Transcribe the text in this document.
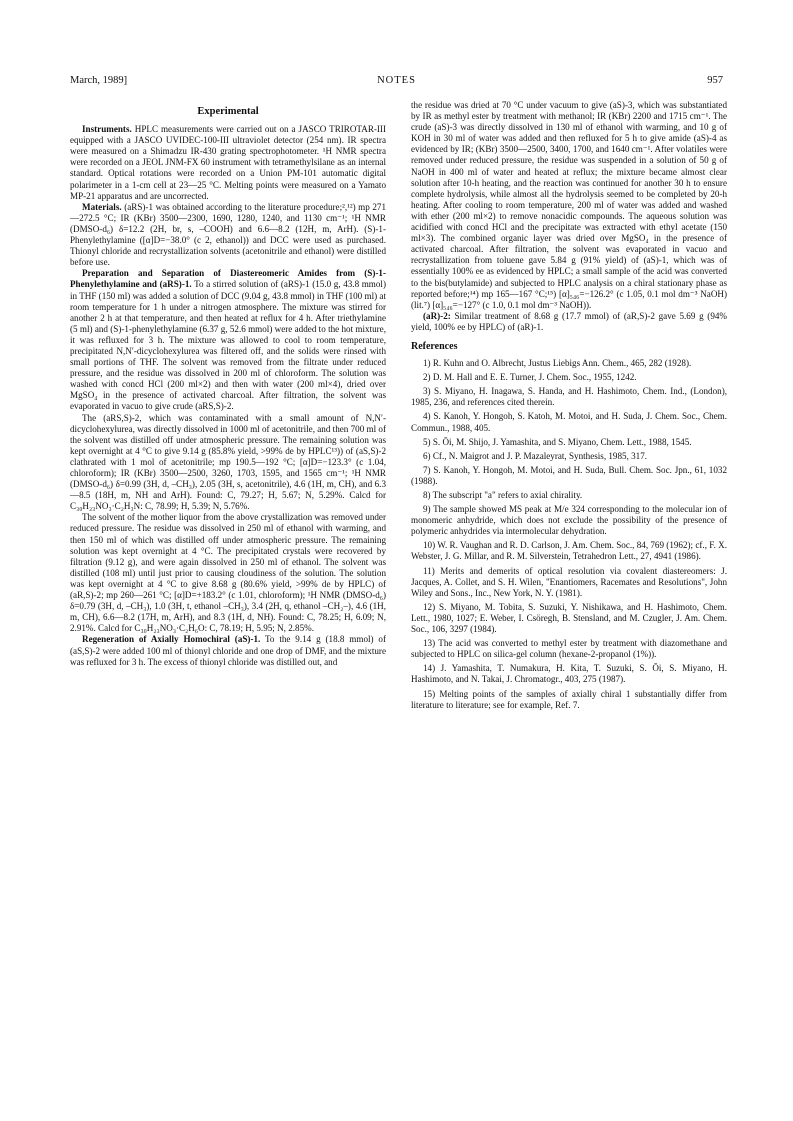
March, 1989]	NOTES	957
Experimental

Instruments. HPLC measurements were carried out on a JASCO TRIROTAR-III equipped with a JASCO UVIDEC-100-III ultraviolet detector (254 nm). IR spectra were measured on a Shimadzu IR-430 grating spectrophotometer. ¹H NMR spectra were recorded on a JEOL JNM-FX 60 instrument with tetramethylsilane as an internal standard. Optical rotations were recorded on a Union PM-101 automatic digital polarimeter in a 1-cm cell at 23—25 °C. Melting points were measured on a Yamato MP-21 apparatus and are uncorrected.

Materials. (aRS)-1 was obtained according to the literature procedure;²,¹²) mp 271—272.5 °C; IR (KBr) 3500—2300, 1690, 1280, 1240, and 1130 cm⁻¹; ¹H NMR (DMSO-d₆) δ=12.2 (2H, br, s, –COOH) and 6.6—8.2 (12H, m, ArH). (S)-1-Phenylethylamine ([α]D=−38.0° (c 2, ethanol)) and DCC were used as purchased. Thionyl chloride and recrystallization solvents (acetonitrile and ethanol) were distilled before use.

Preparation and Separation of Diastereomeric Amides from (S)-1-Phenylethylamine and (aRS)-1. To a stirred solution of (aRS)-1 (15.0 g, 43.8 mmol) in THF (150 ml) was added a solution of DCC (9.04 g, 43.8 mmol) in THF (100 ml) at room temperature for 1 h under a nitrogen atmosphere. The mixture was stirred for another 2 h at that temperature, and then heated at reflux for 4 h. After triethylamine (5 ml) and (S)-1-phenylethylamine (6.37 g, 52.6 mmol) were added to the hot mixture, it was refluxed for 3 h. The mixture was allowed to cool to room temperature, precipitated N,N′-dicyclohexylurea was filtered off, and the solids were rinsed with small portions of THF. The solvent was removed from the filtrate under reduced pressure, and the residue was dissolved in 200 ml of chloroform. The solution was washed with concd HCl (200 ml×2) and then with water (200 ml×4), dried over MgSO₄ in the presence of activated charcoal. After filtration, the solvent was evaporated in vacuo to give crude (aRS,S)-2.

The (aRS,S)-2, which was contaminated with a small amount of N,N′-dicyclohexylurea, was directly dissolved in 1000 ml of acetonitrile, and then 700 ml of the solvent was distilled off under atmospheric pressure. The remaining solution was kept overnight at 4 °C to give 9.14 g (85.8% yield, >99% de by HPLC¹³)) of (aS,S)-2 clathrated with 1 mol of acetonitrile; mp 190.5—192 °C; [α]D=−123.3° (c 1.04, chloroform); IR (KBr) 3500—2500, 3260, 1703, 1595, and 1565 cm⁻¹; ¹H NMR (DMSO-d₆) δ=0.99 (3H, d, –CH₃), 2.05 (3H, s, acetonitrile), 4.6 (1H, m, CH), and 6.3—8.5 (18H, m, NH and ArH). Found: C, 79.27; H, 5.67; N, 5.29%. Calcd for C₃₀H₂₃NO₃·C₂H₃N: C, 78.99; H, 5.39; N, 5.76%.

The solvent of the mother liquor from the above crystallization was removed under reduced pressure. The residue was dissolved in 250 ml of ethanol with warming, and then 150 ml of which was distilled off under atmospheric pressure. The remaining solution was kept overnight at 4 °C. The precipitated crystals were recovered by filtration (9.12 g), and were again dissolved in 250 ml of ethanol. The solvent was distilled (108 ml) until just prior to causing cloudiness of the solution. The solution was kept overnight at 4 °C to give 8.68 g (80.6% yield, >99% de by HPLC) of (aR,S)-2; mp 260—261 °C; [α]D=+183.2° (c 1.01, chloroform); ¹H NMR (DMSO-d₆) δ=0.79 (3H, d, –CH₃), 1.0 (3H, t, ethanol –CH₃), 3.4 (2H, q, ethanol –CH₂–), 4.6 (1H, m, CH), 6.6—8.2 (17H, m, ArH), and 8.3 (1H, d, NH). Found: C, 78.25; H, 6.09; N, 2.91%. Calcd for C₃₀H₂₃NO₃·C₂H₆O: C, 78.19; H, 5.95; N, 2.85%.

Regeneration of Axially Homochiral (aS)-1. To the 9.14 g (18.8 mmol) of (aS,S)-2 were added 100 ml of thionyl chloride and one drop of DMF, and the mixture was refluxed for 3 h. The excess of thionyl chloride was distilled out, and

the residue was dried at 70 °C under vacuum to give (aS)-3, which was substantiated by IR as methyl ester by treatment with methanol; IR (KBr) 2200 and 1715 cm⁻¹. The crude (aS)-3 was directly dissolved in 130 ml of ethanol with warming, and 10 g of KOH in 30 ml of water was added and then refluxed for 5 h to give amide (aS)-4 as evidenced by IR; (KBr) 3500—2500, 3400, 1700, and 1640 cm⁻¹. After volatiles were removed under reduced pressure, the residue was suspended in a solution of 50 g of NaOH in 400 ml of water and heated at reflux; the mixture became almost clear solution after 10-h heating, and the reaction was continued for another 30 h to ensure complete hydrolysis, while almost all the hydrolysis seemed to be completed by 20-h heating. After cooling to room temperature, 200 ml of water was added and washed with ether (200 ml×2) to remove nonacidic compounds. The aqueous solution was acidified with concd HCl and the precipitate was extracted with ethyl acetate (150 ml×3). The combined organic layer was dried over MgSO₄ in the presence of activated charcoal. After filtration, the solvent was evaporated in vacuo and recrystallization from toluene gave 5.84 g (91% yield) of (aS)-1, which was of essentially 100% ee as evidenced by HPLC; a small sample of the acid was converted to the bis(butylamide) and subjected to HPLC analysis on a chiral stationary phase as reported before;¹⁴) mp 165—167 °C;¹⁵) [α]₅₄₆=−126.2° (c 1.05, 0.1 mol dm⁻³ NaOH) (lit.⁷) [α]₅₄₆=−127° (c 1.0, 0.1 mol dm⁻³ NaOH)).

(aR)-2: Similar treatment of 8.68 g (17.7 mmol) of (aR,S)-2 gave 5.69 g (94% yield, 100% ee by HPLC) of (aR)-1.

References

1) R. Kuhn and O. Albrecht, Justus Liebigs Ann. Chem., 465, 282 (1928).

2) D. M. Hall and E. E. Turner, J. Chem. Soc., 1955, 1242.

3) S. Miyano, H. Inagawa, S. Handa, and H. Hashimoto, Chem. Ind., (London), 1985, 236, and references cited therein.

4) S. Kanoh, Y. Hongoh, S. Katoh, M. Motoi, and H. Suda, J. Chem. Soc., Chem. Commun., 1988, 405.

5) S. Ōi, M. Shijo, J. Yamashita, and S. Miyano, Chem. Lett., 1988, 1545.

6) Cf., N. Maigrot and J. P. Mazaleyrat, Synthesis, 1985, 317.

7) S. Kanoh, Y. Hongoh, M. Motoi, and H. Suda, Bull. Chem. Soc. Jpn., 61, 1032 (1988).

8) The subscript "a" refers to axial chirality.

9) The sample showed MS peak at M/e 324 corresponding to the molecular ion of monomeric anhydride, which does not exclude the possibility of the presence of polymeric anhydrides via intermolecular dehydration.

10) W. R. Vaughan and R. D. Carlson, J. Am. Chem. Soc., 84, 769 (1962); cf., F. X. Webster, J. G. Millar, and R. M. Silverstein, Tetrahedron Lett., 27, 4941 (1986).

11) Merits and demerits of optical resolution via covalent diastereomers: J. Jacques, A. Collet, and S. H. Wilen, "Enantiomers, Racemates and Resolutions", John Wiley and Sons., Inc., New York, N. Y. (1981).

12) S. Miyano, M. Tobita, S. Suzuki, Y. Nishikawa, and H. Hashimoto, Chem. Lett., 1980, 1027; E. Weber, I. Csöregh, B. Stensland, and M. Czugler, J. Am. Chem. Soc., 106, 3297 (1984).

13) The acid was converted to methyl ester by treatment with diazomethane and subjected to HPLC on silica-gel column (hexane-2-propanol (1%)).

14) J. Yamashita, T. Numakura, H. Kita, T. Suzuki, S. Ōi, S. Miyano, H. Hashimoto, and N. Takai, J. Chromatogr., 403, 275 (1987).

15) Melting points of the samples of axially chiral 1 substantially differ from literature to literature; see for example, Ref. 7.
